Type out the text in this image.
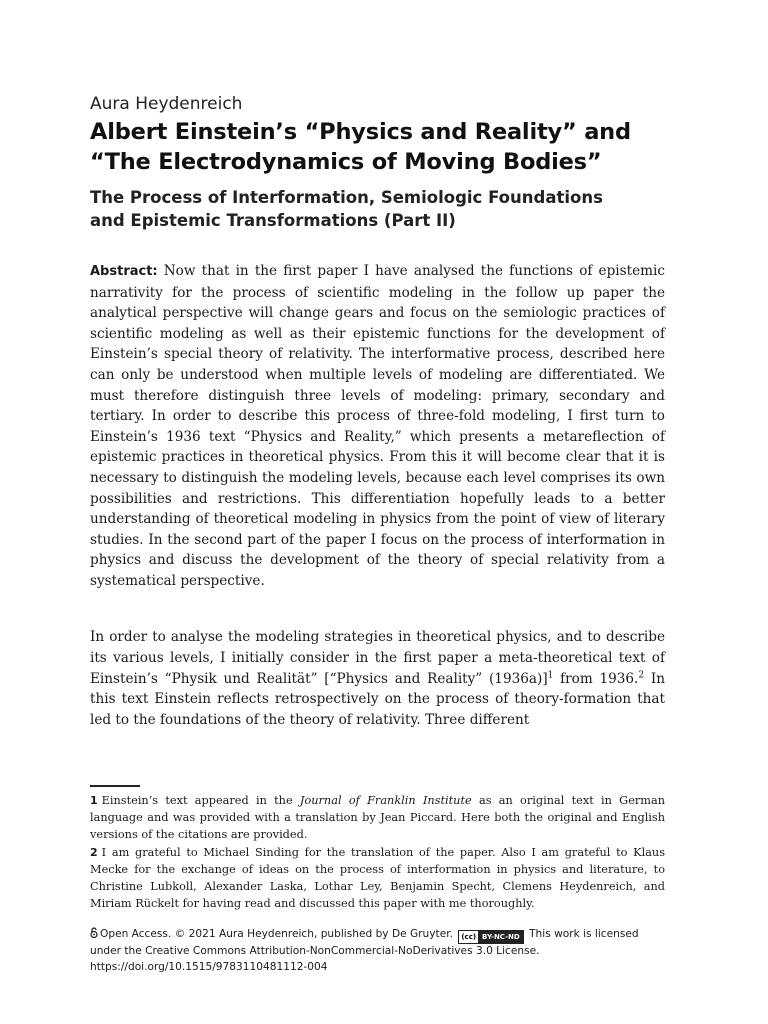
Aura Heydenreich
Albert Einstein’s “Physics and Reality” and
“The Electrodynamics of Moving Bodies”
The Process of Interformation, Semiologic Foundations
and Epistemic Transformations (Part II)

Abstract: Now that in the first paper I have analysed the functions of epistemic narrativity for the process of scientific modeling in the follow up paper the analytical perspective will change gears and focus on the semiologic practices of scientific modeling as well as their epistemic functions for the development of Einstein’s special theory of relativity. The interformative process, described here can only be understood when multiple levels of modeling are differentiated. We must therefore distinguish three levels of modeling: primary, secondary and tertiary. In order to describe this process of three-fold modeling, I first turn to Einstein’s 1936 text “Physics and Reality,” which presents a metareflection of epistemic practices in theoretical physics. From this it will become clear that it is necessary to distinguish the modeling levels, because each level comprises its own possibilities and restrictions. This differentiation hopefully leads to a better understanding of theoretical modeling in physics from the point of view of literary studies. In the second part of the paper I focus on the process of interformation in physics and discuss the development of the theory of special relativity from a systematical perspective.

In order to analyse the modeling strategies in theoretical physics, and to describe its various levels, I initially consider in the first paper a meta-theoretical text of Einstein’s “Physik und Realität” [“Physics and Reality” (1936a)]$^1$ from 1936.$^2$ In this text Einstein reflects retrospectively on the process of theory-formation that led to the foundations of the theory of relativity. Three different

1 Einstein’s text appeared in the Journal of Franklin Institute as an original text in German language and was provided with a translation by Jean Piccard. Here both the original and English versions of the citations are provided.

2 I am grateful to Michael Sinding for the translation of the paper. Also I am grateful to Klaus Mecke for the exchange of ideas on the process of interformation in physics and literature, to Christine Lubkoll, Alexander Laska, Lothar Ley, Benjamin Specht, Clemens Heydenreich, and Miriam Rückelt for having read and discussed this paper with me thoroughly.

Open Access. © 2021 Aura Heydenreich, published by De Gruyter. (cc) BY-NC-ND This work is licensed under the Creative Commons Attribution-NonCommercial-NoDerivatives 3.0 License.
https://doi.org/10.1515/9783110481112-004
